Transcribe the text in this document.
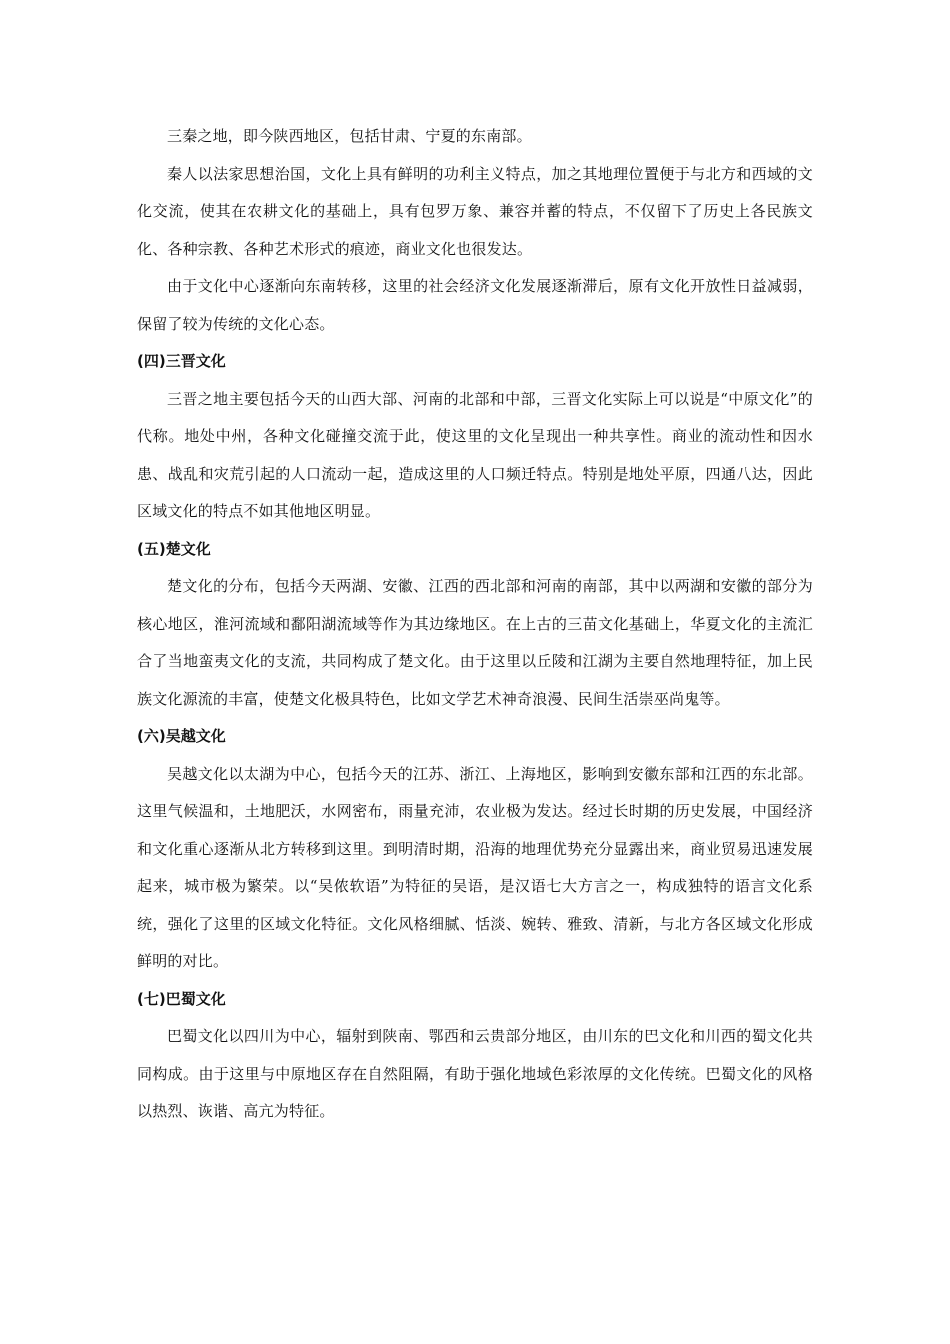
三秦之地，即今陕西地区，包括甘肃、宁夏的东南部。

秦人以法家思想治国，文化上具有鲜明的功利主义特点，加之其地理位置便于与北方和西域的文化交流，使其在农耕文化的基础上，具有包罗万象、兼容并蓄的特点，不仅留下了历史上各民族文化、各种宗教、各种艺术形式的痕迹，商业文化也很发达。

由于文化中心逐渐向东南转移，这里的社会经济文化发展逐渐滞后，原有文化开放性日益减弱，保留了较为传统的文化心态。

(四)三晋文化

三晋之地主要包括今天的山西大部、河南的北部和中部，三晋文化实际上可以说是“中原文化”的代称。地处中州，各种文化碰撞交流于此，使这里的文化呈现出一种共享性。商业的流动性和因水患、战乱和灾荒引起的人口流动一起，造成这里的人口频迁特点。特别是地处平原，四通八达，因此区域文化的特点不如其他地区明显。

(五)楚文化

楚文化的分布，包括今天两湖、安徽、江西的西北部和河南的南部，其中以两湖和安徽的部分为核心地区，淮河流域和鄱阳湖流域等作为其边缘地区。在上古的三苗文化基础上，华夏文化的主流汇合了当地蛮夷文化的支流，共同构成了楚文化。由于这里以丘陵和江湖为主要自然地理特征，加上民族文化源流的丰富，使楚文化极具特色，比如文学艺术神奇浪漫、民间生活崇巫尚鬼等。

(六)吴越文化

吴越文化以太湖为中心，包括今天的江苏、浙江、上海地区，影响到安徽东部和江西的东北部。这里气候温和，土地肥沃，水网密布，雨量充沛，农业极为发达。经过长时期的历史发展，中国经济和文化重心逐渐从北方转移到这里。到明清时期，沿海的地理优势充分显露出来，商业贸易迅速发展起来，城市极为繁荣。以“吴侬软语”为特征的吴语，是汉语七大方言之一，构成独特的语言文化系统，强化了这里的区域文化特征。文化风格细腻、恬淡、婉转、雅致、清新，与北方各区域文化形成鲜明的对比。

(七)巴蜀文化

巴蜀文化以四川为中心，辐射到陕南、鄂西和云贵部分地区，由川东的巴文化和川西的蜀文化共同构成。由于这里与中原地区存在自然阻隔，有助于强化地域色彩浓厚的文化传统。巴蜀文化的风格以热烈、诙谐、高亢为特征。
